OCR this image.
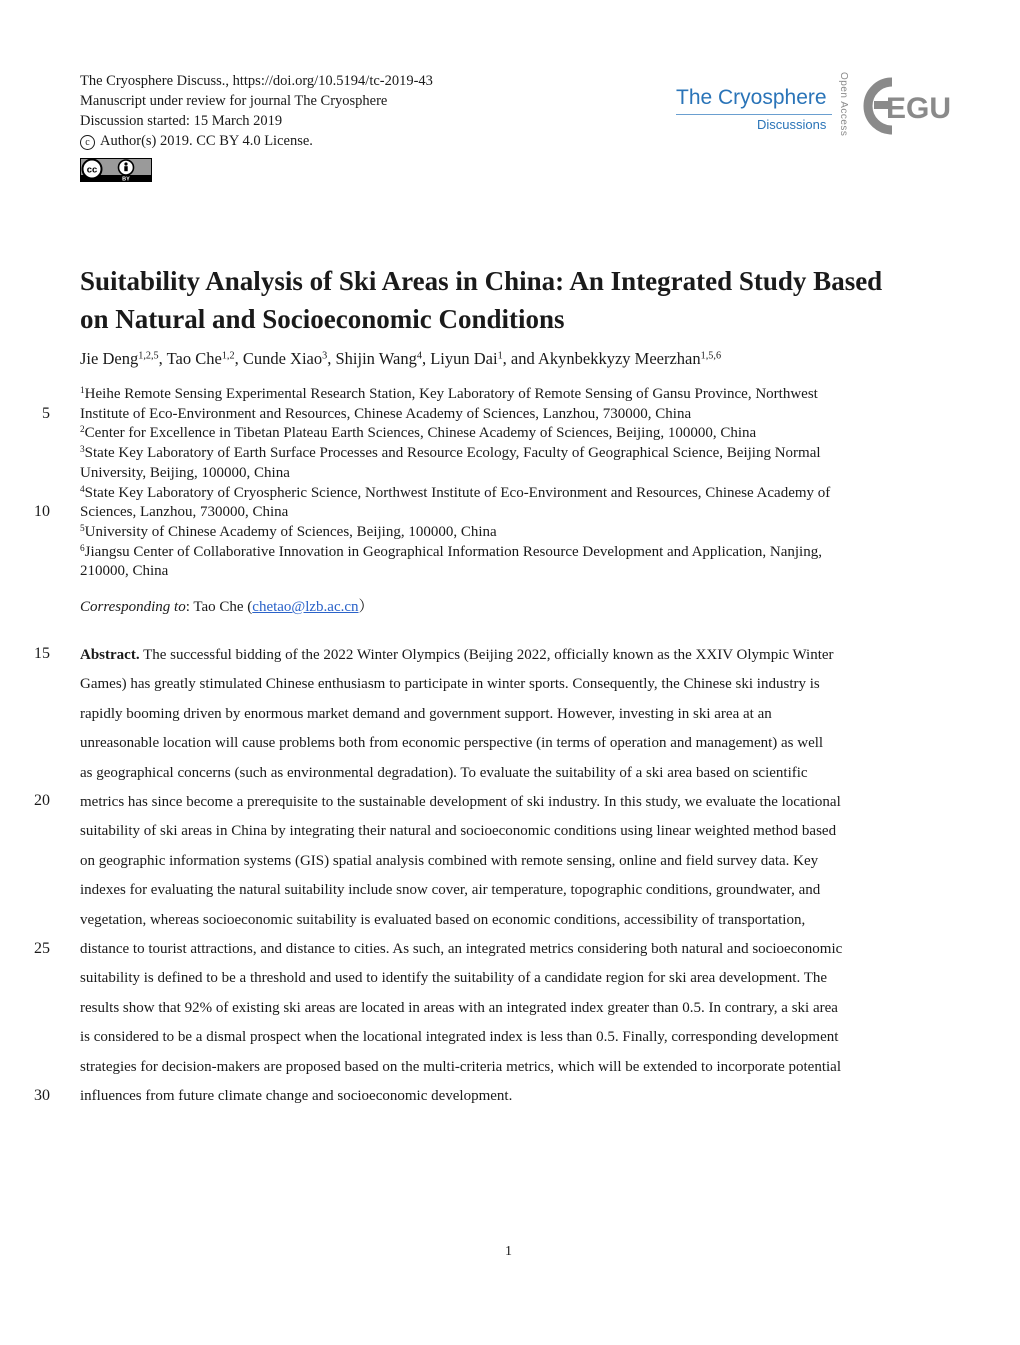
The Cryosphere Discuss., https://doi.org/10.5194/tc-2019-43
Manuscript under review for journal The Cryosphere
Discussion started: 15 March 2019
c Author(s) 2019. CC BY 4.0 License.
cc
BY
The Cryosphere
Discussions Open Access EGU
Suitability Analysis of Ski Areas in China: An Integrated Study Based
on Natural and Socioeconomic Conditions
Jie Deng$^{1,2,5}$, Tao Che$^{1,2}$, Cunde Xiao$^3$, Shijin Wang$^4$, Liyun Dai$^1$, and Akynbekkyzy Meerzhan$^{1,5,6}$
$^1$Heihe Remote Sensing Experimental Research Station, Key Laboratory of Remote Sensing of Gansu Province, Northwest
Institute of Eco-Environment and Resources, Chinese Academy of Sciences, Lanzhou, 730000, China
$^2$Center for Excellence in Tibetan Plateau Earth Sciences, Chinese Academy of Sciences, Beijing, 100000, China
$^3$State Key Laboratory of Earth Surface Processes and Resource Ecology, Faculty of Geographical Science, Beijing Normal
University, Beijing, 100000, China
$^4$State Key Laboratory of Cryospheric Science, Northwest Institute of Eco-Environment and Resources, Chinese Academy of
Sciences, Lanzhou, 730000, China
$^5$University of Chinese Academy of Sciences, Beijing, 100000, China
$^6$Jiangsu Center of Collaborative Innovation in Geographical Information Resource Development and Application, Nanjing,
210000, China
Corresponding to: Tao Che (chetao@lzb.ac.cn）
5
10
15
20
25
30
Abstract. The successful bidding of the 2022 Winter Olympics (Beijing 2022, officially known as the XXIV Olympic Winter
Games) has greatly stimulated Chinese enthusiasm to participate in winter sports. Consequently, the Chinese ski industry is
rapidly booming driven by enormous market demand and government support. However, investing in ski area at an
unreasonable location will cause problems both from economic perspective (in terms of operation and management) as well
as geographical concerns (such as environmental degradation). To evaluate the suitability of a ski area based on scientific
metrics has since become a prerequisite to the sustainable development of ski industry. In this study, we evaluate the locational
suitability of ski areas in China by integrating their natural and socioeconomic conditions using linear weighted method based
on geographic information systems (GIS) spatial analysis combined with remote sensing, online and field survey data. Key
indexes for evaluating the natural suitability include snow cover, air temperature, topographic conditions, groundwater, and
vegetation, whereas socioeconomic suitability is evaluated based on economic conditions, accessibility of transportation,
distance to tourist attractions, and distance to cities. As such, an integrated metrics considering both natural and socioeconomic
suitability is defined to be a threshold and used to identify the suitability of a candidate region for ski area development. The
results show that 92% of existing ski areas are located in areas with an integrated index greater than 0.5. In contrary, a ski area
is considered to be a dismal prospect when the locational integrated index is less than 0.5. Finally, corresponding development
strategies for decision-makers are proposed based on the multi-criteria metrics, which will be extended to incorporate potential
influences from future climate change and socioeconomic development.
1
